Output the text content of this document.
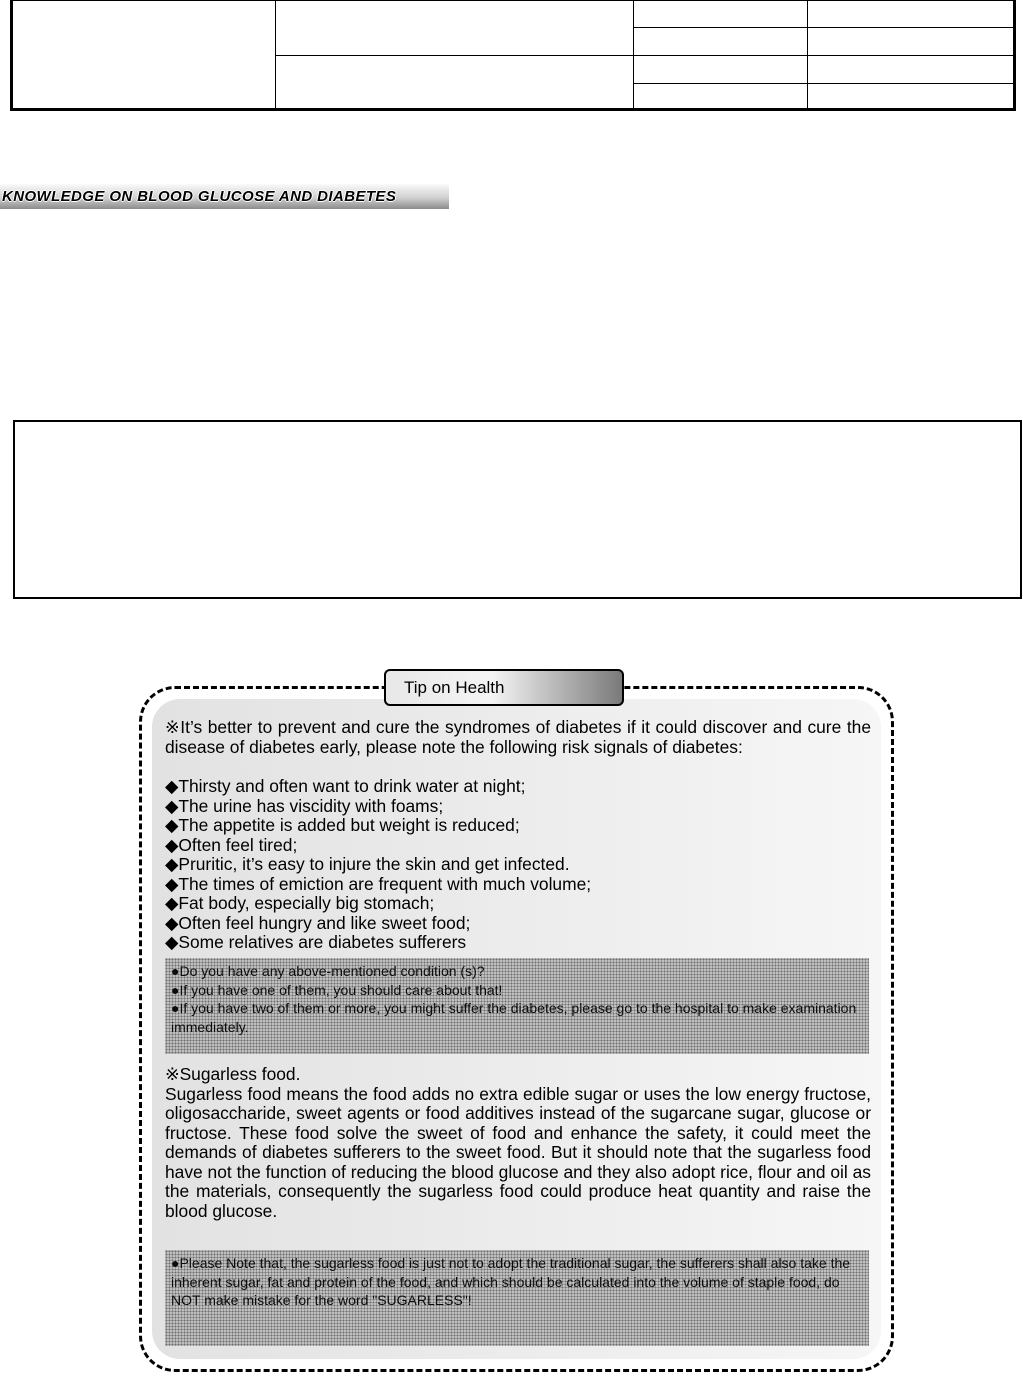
KNOWLEDGE ON BLOOD GLUCOSE AND DIABETES
Tip on Health

※It’s better to prevent and cure the syndromes of diabetes if it could discover and cure the disease of diabetes early, please note the following risk signals of diabetes:

◆ Thirsty and often want to drink water at night;

◆ The urine has viscidity with foams;

◆ The appetite is added but weight is reduced;

◆ Often feel tired;

◆ Pruritic, it’s easy to injure the skin and get infected.

◆ The times of emiction are frequent with much volume;

◆ Fat body, especially big stomach;

◆ Often feel hungry and like sweet food;

◆ Some relatives are diabetes sufferers

●Do you have any above-mentioned condition (s)?

●If you have one of them, you should care about that!

●If you have two of them or more, you might suffer the diabetes, please go to the hospital to make examination immediately.

※Sugarless food.

Sugarless food means the food adds no extra edible sugar or uses the low energy fructose, oligosaccharide, sweet agents or food additives instead of the sugarcane sugar, glucose or fructose. These food solve the sweet of food and enhance the safety, it could meet the demands of diabetes sufferers to the sweet food. But it should note that the sugarless food have not the function of reducing the blood glucose and they also adopt rice, flour and oil as the materials, consequently the sugarless food could produce heat quantity and raise the blood glucose.

●Please Note that, the sugarless food is just not to adopt the traditional sugar, the sufferers shall also take the inherent sugar, fat and protein of the food, and which should be calculated into the volume of staple food, do NOT make mistake for the word "SUGARLESS"!
